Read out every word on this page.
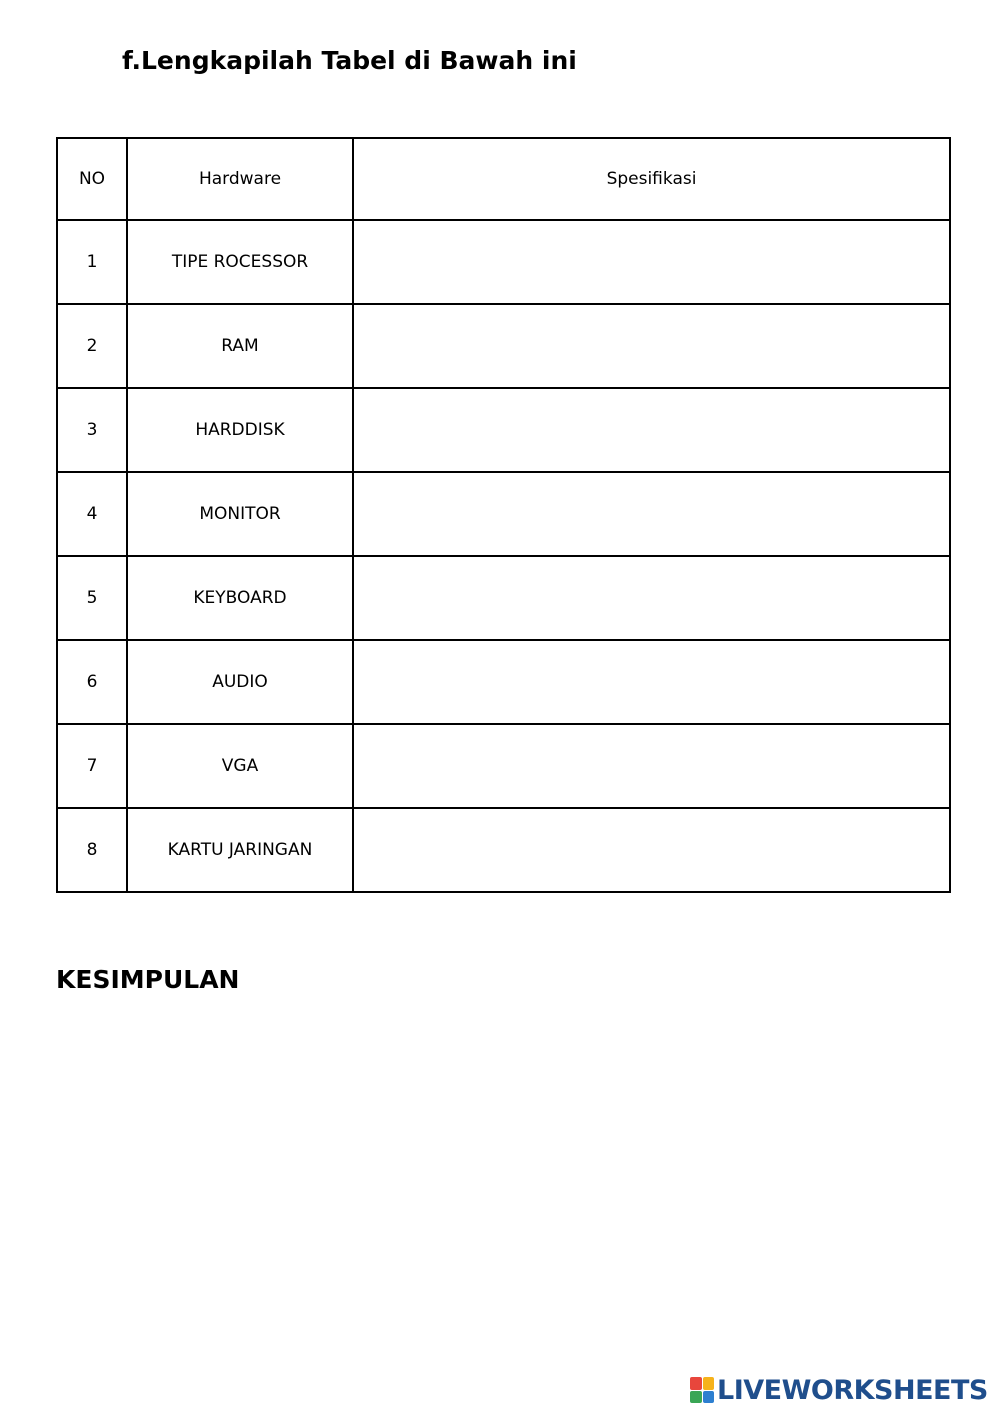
f.Lengkapilah Tabel di Bawah ini
NO	Hardware	Spesifikasi
1	TIPE ROCESSOR	
2	RAM	
3	HARDDISK	
4	MONITOR	
5	KEYBOARD	
6	AUDIO	
7	VGA	
8	KARTU JARINGAN	
KESIMPULAN
LIVEWORKSHEETS
